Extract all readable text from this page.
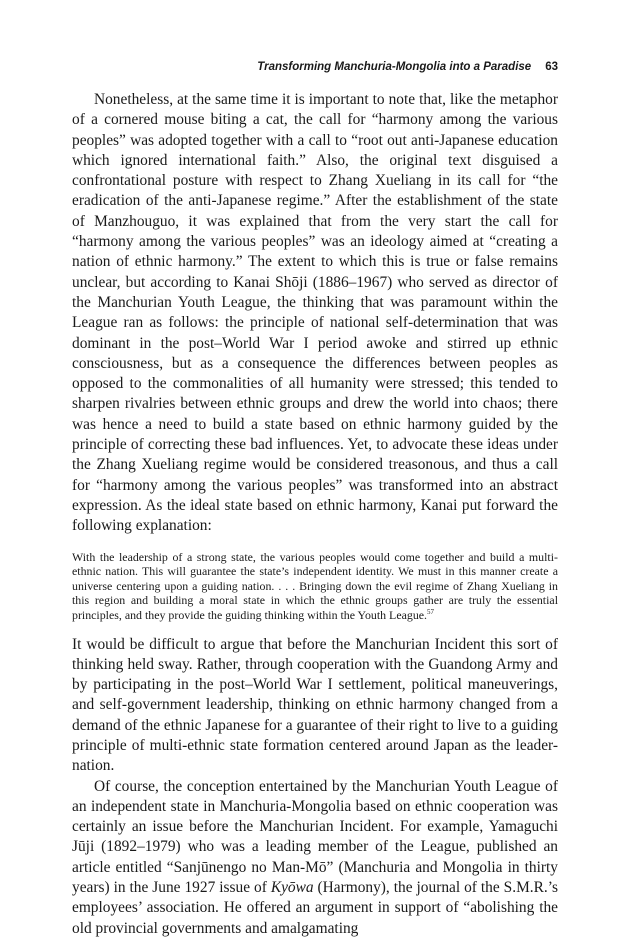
Transforming Manchuria-Mongolia into a Paradise 63

Nonetheless, at the same time it is important to note that, like the metaphor of a cornered mouse biting a cat, the call for “harmony among the various peoples” was adopted together with a call to “root out anti-Japanese education which ignored international faith.” Also, the original text disguised a confrontational posture with respect to Zhang Xueliang in its call for “the eradication of the anti-Japanese regime.” After the establishment of the state of Manzhouguo, it was explained that from the very start the call for “harmony among the various peoples” was an ideology aimed at “creating a nation of ethnic harmony.” The extent to which this is true or false remains unclear, but according to Kanai Shōji (1886–1967) who served as director of the Manchurian Youth League, the thinking that was paramount within the League ran as follows: the principle of national self-determination that was dominant in the post–World War I period awoke and stirred up ethnic consciousness, but as a consequence the differences between peoples as opposed to the commonalities of all humanity were stressed; this tended to sharpen rivalries between ethnic groups and drew the world into chaos; there was hence a need to build a state based on ethnic harmony guided by the principle of correcting these bad influences. Yet, to advocate these ideas under the Zhang Xueliang regime would be considered treasonous, and thus a call for “harmony among the various peoples” was transformed into an abstract expression. As the ideal state based on ethnic harmony, Kanai put forward the following explanation:

With the leadership of a strong state, the various peoples would come together and build a multi-ethnic nation. This will guarantee the state’s independent identity. We must in this manner create a universe centering upon a guiding nation. . . . Bringing down the evil regime of Zhang Xueliang in this region and building a moral state in which the ethnic groups gather are truly the essential principles, and they provide the guiding thinking within the Youth League.$^{57}$

It would be difficult to argue that before the Manchurian Incident this sort of thinking held sway. Rather, through cooperation with the Guandong Army and by participating in the post–World War I settlement, political maneuverings, and self-government leadership, thinking on ethnic harmony changed from a demand of the ethnic Japanese for a guarantee of their right to live to a guiding principle of multi-ethnic state formation centered around Japan as the leader-nation.

Of course, the conception entertained by the Manchurian Youth League of an independent state in Manchuria-Mongolia based on ethnic cooperation was certainly an issue before the Manchurian Incident. For example, Yamaguchi Jūji (1892–1979) who was a leading member of the League, published an article entitled “Sanjūnengo no Man-Mō” (Manchuria and Mongolia in thirty years) in the June 1927 issue of Kyōwa (Harmony), the journal of the S.M.R.’s employees’ association. He offered an argument in support of “abolishing the old provincial governments and amalgamating
